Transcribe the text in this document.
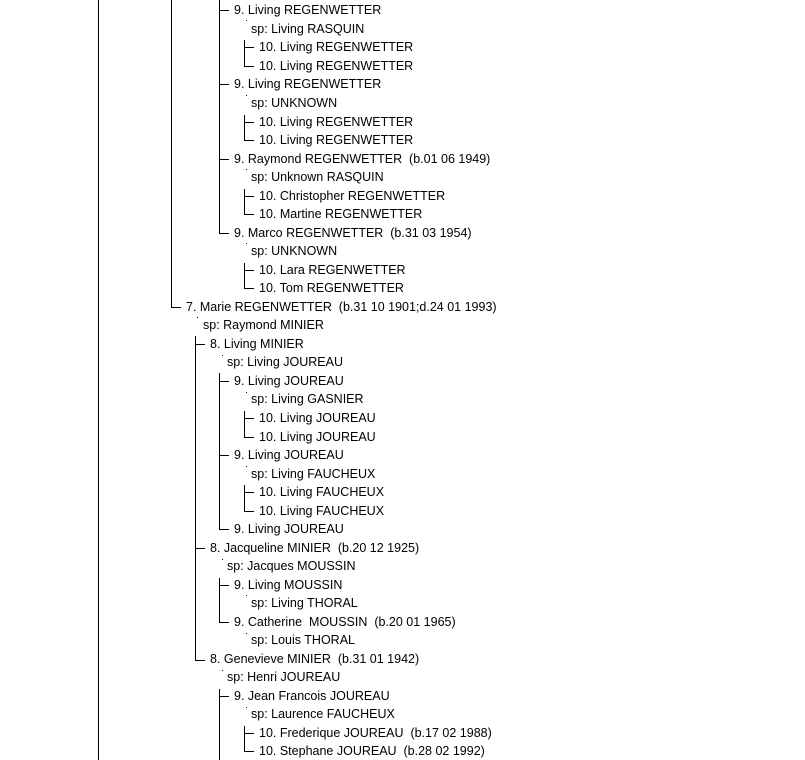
9. Living REGENWETTER
sp: Living RASQUIN
10. Living REGENWETTER
10. Living REGENWETTER
9. Living REGENWETTER
sp: UNKNOWN
10. Living REGENWETTER
10. Living REGENWETTER
9. Raymond REGENWETTER  (b.01 06 1949)
sp: Unknown RASQUIN
10. Christopher REGENWETTER
10. Martine REGENWETTER
9. Marco REGENWETTER  (b.31 03 1954)
sp: UNKNOWN
10. Lara REGENWETTER
10. Tom REGENWETTER
7. Marie REGENWETTER  (b.31 10 1901;d.24 01 1993)
sp: Raymond MINIER
8. Living MINIER
sp: Living JOUREAU
9. Living JOUREAU
sp: Living GASNIER
10. Living JOUREAU
10. Living JOUREAU
9. Living JOUREAU
sp: Living FAUCHEUX
10. Living FAUCHEUX
10. Living FAUCHEUX
9. Living JOUREAU
8. Jacqueline MINIER  (b.20 12 1925)
sp: Jacques MOUSSIN
9. Living MOUSSIN
sp: Living THORAL
9. Catherine  MOUSSIN  (b.20 01 1965)
sp: Louis THORAL
8. Genevieve MINIER  (b.31 01 1942)
sp: Henri JOUREAU
9. Jean Francois JOUREAU
sp: Laurence FAUCHEUX
10. Frederique JOUREAU  (b.17 02 1988)
10. Stephane JOUREAU  (b.28 02 1992)
